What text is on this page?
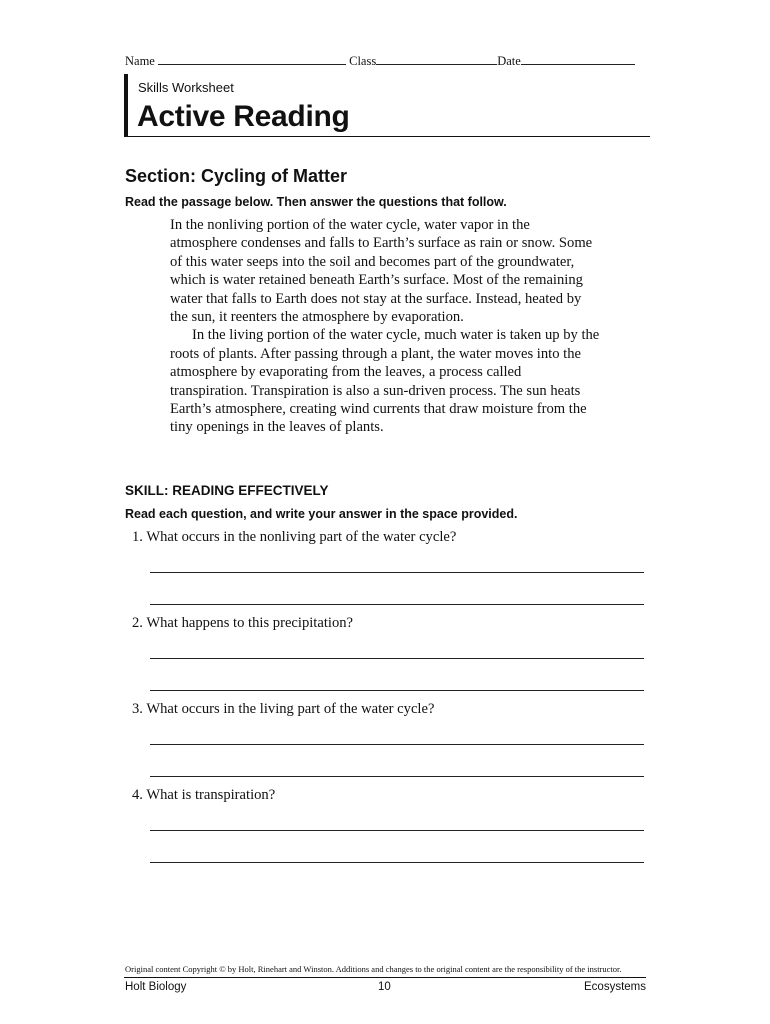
Name	Class	Date
Skills Worksheet
Active Reading
Section: Cycling of Matter
Read the passage below. Then answer the questions that follow.

In the nonliving portion of the water cycle, water vapor in the atmosphere condenses and falls to Earth’s surface as rain or snow. Some of this water seeps into the soil and becomes part of the groundwater, which is water retained beneath Earth’s surface. Most of the remaining water that falls to Earth does not stay at the surface. Instead, heated by the sun, it reenters the atmosphere by evaporation.

In the living portion of the water cycle, much water is taken up by the roots of plants. After passing through a plant, the water moves into the atmosphere by evaporating from the leaves, a process called transpiration. Transpiration is also a sun-driven process. The sun heats Earth’s atmosphere, creating wind currents that draw moisture from the tiny openings in the leaves of plants.

SKILL: READING EFFECTIVELY
Read each question, and write your answer in the space provided.
1. What occurs in the nonliving part of the water cycle?
2. What happens to this precipitation?
3. What occurs in the living part of the water cycle?
4. What is transpiration?
Original content Copyright © by Holt, Rinehart and Winston. Additions and changes to the original content are the responsibility of the instructor.
Holt Biology	10	Ecosystems
